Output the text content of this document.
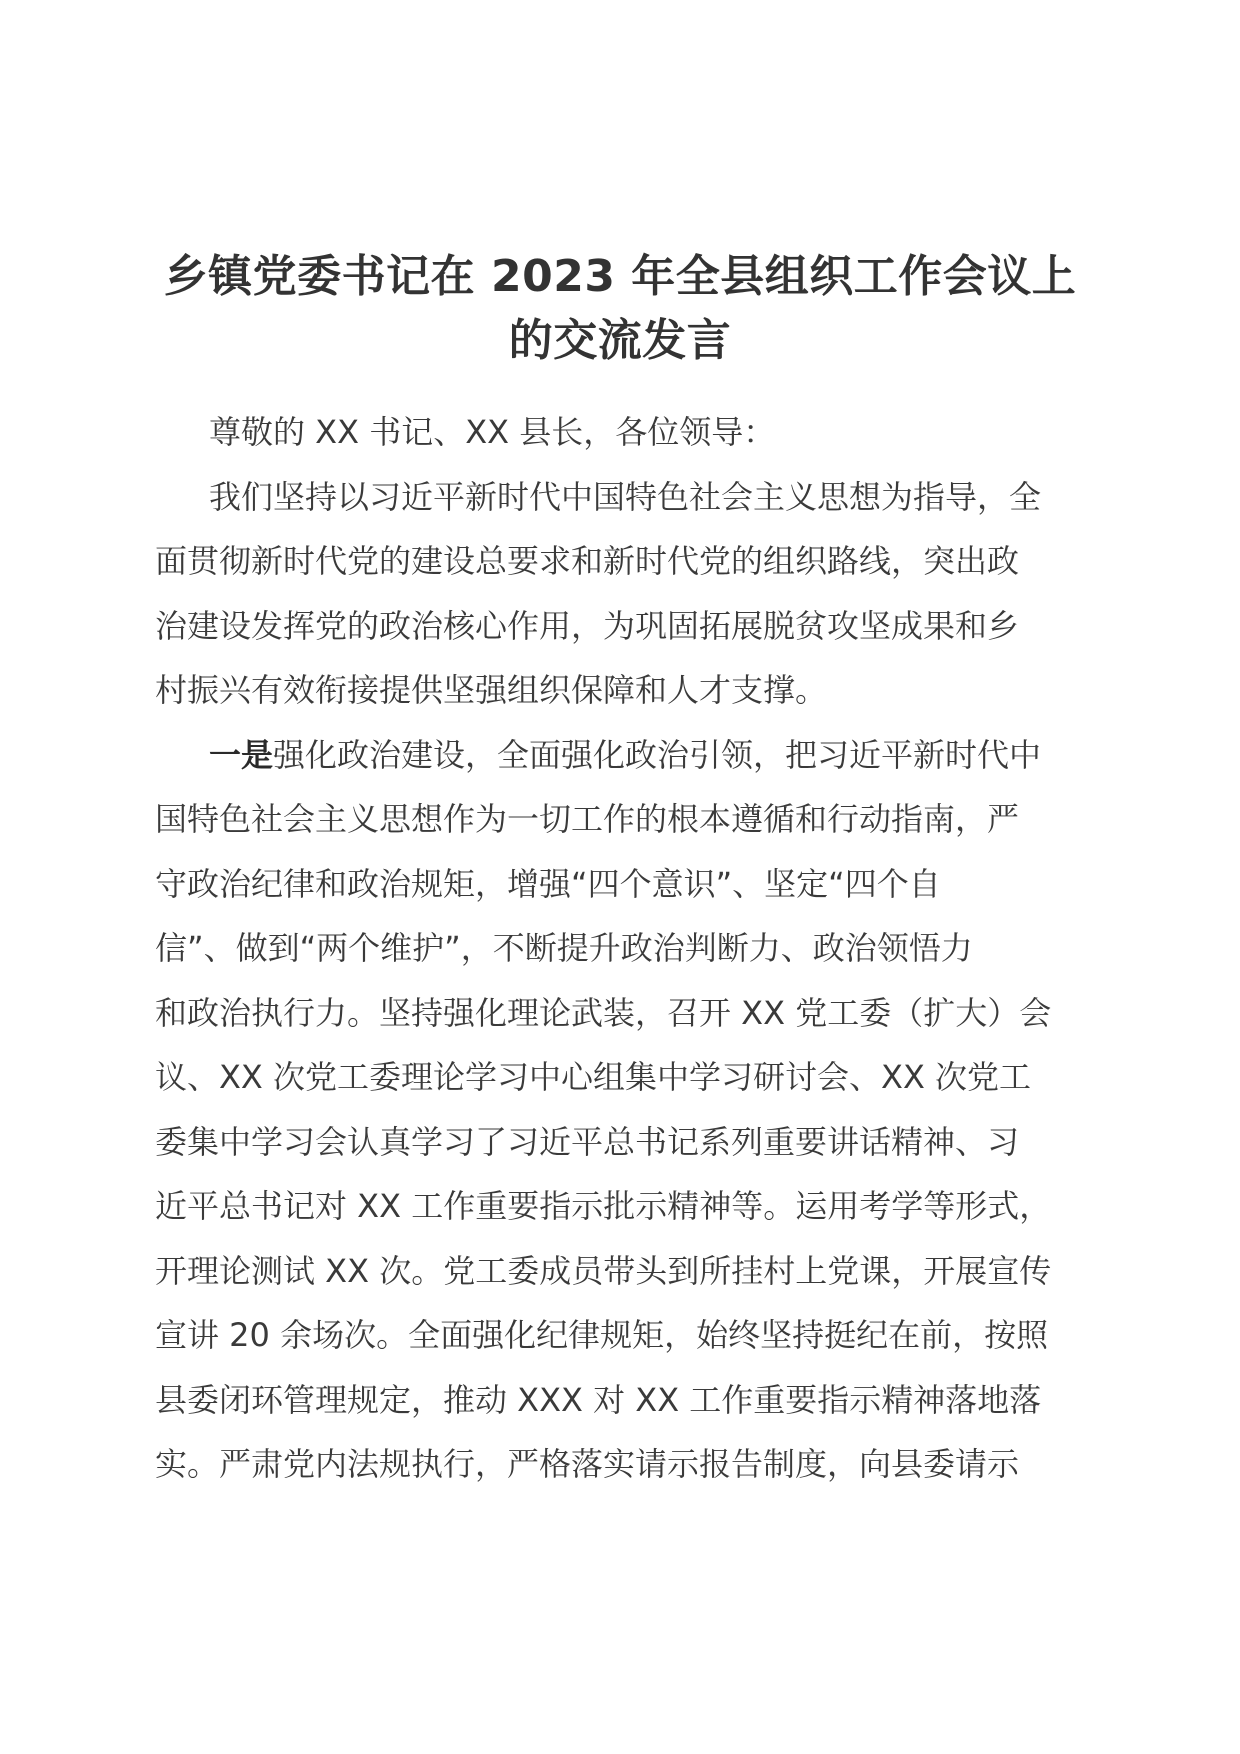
乡镇党委书记在 2023 年全县组织工作会议上
的交流发言
尊敬的 XX 书记、XX 县长，各位领导：
我们坚持以习近平新时代中国特色社会主义思想为指导，全
面贯彻新时代党的建设总要求和新时代党的组织路线，突出政
治建设发挥党的政治核心作用，为巩固拓展脱贫攻坚成果和乡
村振兴有效衔接提供坚强组织保障和人才支撑。
一是强化政治建设，全面强化政治引领，把习近平新时代中
国特色社会主义思想作为一切工作的根本遵循和行动指南，严
守政治纪律和政治规矩，增强“四个意识”、坚定“四个自
信”、做到“两个维护”，不断提升政治判断力、政治领悟力
和政治执行力。坚持强化理论武装，召开 XX 党工委（扩大）会
议、XX 次党工委理论学习中心组集中学习研讨会、XX 次党工
委集中学习会认真学习了习近平总书记系列重要讲话精神、习
近平总书记对 XX 工作重要指示批示精神等。运用考学等形式，
开理论测试 XX 次。党工委成员带头到所挂村上党课，开展宣传
宣讲 20 余场次。全面强化纪律规矩，始终坚持挺纪在前，按照
县委闭环管理规定，推动 XXX 对 XX 工作重要指示精神落地落
实。严肃党内法规执行，严格落实请示报告制度，向县委请示
